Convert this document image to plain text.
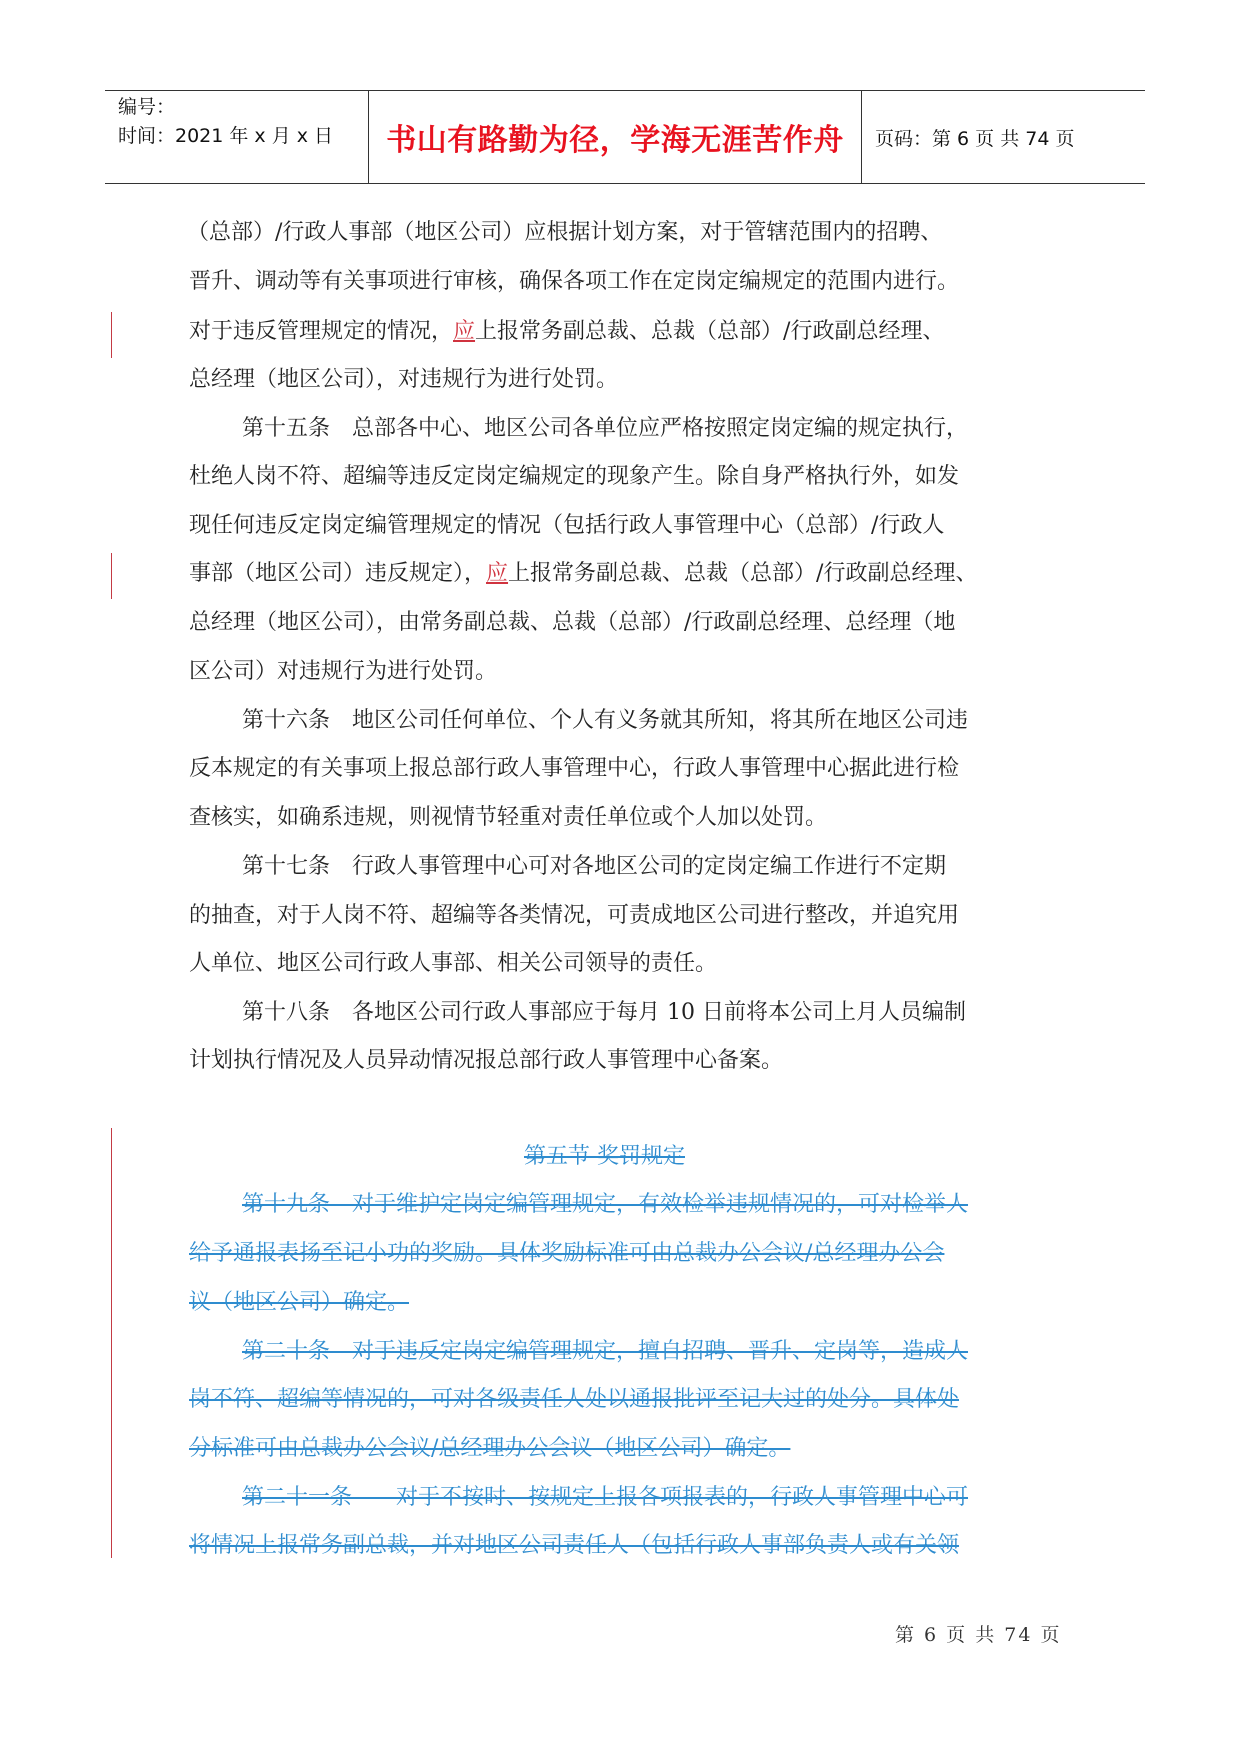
编号：
时间：2021 年 x 月 x 日	书山有路勤为径，学海无涯苦作舟	页码：第 6 页 共 74 页
（总部）/行政人事部（地区公司）应根据计划方案，对于管辖范围内的招聘、
晋升、调动等有关事项进行审核，确保各项工作在定岗定编规定的范围内进行。
对于违反管理规定的情况，应上报常务副总裁、总裁（总部）/行政副总经理、
总经理（地区公司），对违规行为进行处罚。
第十五条　总部各中心、地区公司各单位应严格按照定岗定编的规定执行，
杜绝人岗不符、超编等违反定岗定编规定的现象产生。除自身严格执行外，如发
现任何违反定岗定编管理规定的情况（包括行政人事管理中心（总部）/行政人
事部（地区公司）违反规定），应上报常务副总裁、总裁（总部）/行政副总经理、
总经理（地区公司），由常务副总裁、总裁（总部）/行政副总经理、总经理（地
区公司）对违规行为进行处罚。
第十六条　地区公司任何单位、个人有义务就其所知，将其所在地区公司违
反本规定的有关事项上报总部行政人事管理中心，行政人事管理中心据此进行检
查核实，如确系违规，则视情节轻重对责任单位或个人加以处罚。
第十七条　行政人事管理中心可对各地区公司的定岗定编工作进行不定期
的抽查，对于人岗不符、超编等各类情况，可责成地区公司进行整改，并追究用
人单位、地区公司行政人事部、相关公司领导的责任。
第十八条　各地区公司行政人事部应于每月 10 日前将本公司上月人员编制
计划执行情况及人员异动情况报总部行政人事管理中心备案。
第五节 奖罚规定
第十九条　对于维护定岗定编管理规定，有效检举违规情况的，可对检举人
给予通报表扬至记小功的奖励。具体奖励标准可由总裁办公会议/总经理办公会
议（地区公司）确定。
第二十条　对于违反定岗定编管理规定，擅自招聘、晋升、定岗等，造成人
岗不符、超编等情况的，可对各级责任人处以通报批评至记大过的处分。具体处
分标准可由总裁办公会议/总经理办公会议（地区公司）确定。
第二十一条　　对于不按时、按规定上报各项报表的，行政人事管理中心可
将情况上报常务副总裁，并对地区公司责任人（包括行政人事部负责人或有关领
第 6 页 共 74 页
